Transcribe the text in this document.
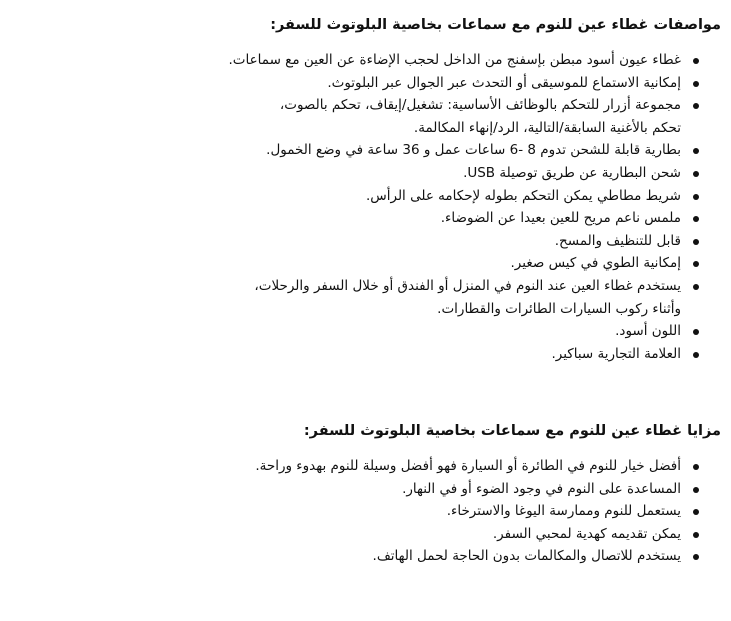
مواصفات غطاء عين للنوم مع سماعات بخاصية البلوتوث للسفر:
غطاء عيون أسود مبطن بإسفنج من الداخل لحجب الإضاءة عن العين مع سماعات.
إمكانية الاستماع للموسيقى أو التحدث عبر الجوال عبر البلوتوث.
مجموعة أزرار للتحكم بالوظائف الأساسية: تشغيل/إيقاف، تحكم بالصوت،
تحكم بالأغنية السابقة/التالية، الرد/إنهاء المكالمة.
بطارية قابلة للشحن تدوم 8 -6 ساعات عمل و 36 ساعة في وضع الخمول.
شحن البطارية عن طريق توصيلة USB.
شريط مطاطي يمكن التحكم بطوله لإحكامه على الرأس.
ملمس ناعم مريح للعين بعيدا عن الضوضاء.
قابل للتنظيف والمسح.
إمكانية الطوي في كيس صغير.
يستخدم غطاء العين عند النوم في المنزل أو الفندق أو خلال السفر والرحلات،
وأثناء ركوب السيارات الطائرات والقطارات.
اللون أسود.
العلامة التجارية سباكير.
مزايا غطاء عين للنوم مع سماعات بخاصية البلوتوث للسفر:
أفضل خيار للنوم في الطائرة أو السيارة فهو أفضل وسيلة للنوم بهدوء وراحة.
المساعدة على النوم في وجود الضوء أو في النهار.
يستعمل للنوم وممارسة اليوغا والاسترخاء.
يمكن تقديمه كهدية لمحبي السفر.
يستخدم للاتصال والمكالمات بدون الحاجة لحمل الهاتف.
